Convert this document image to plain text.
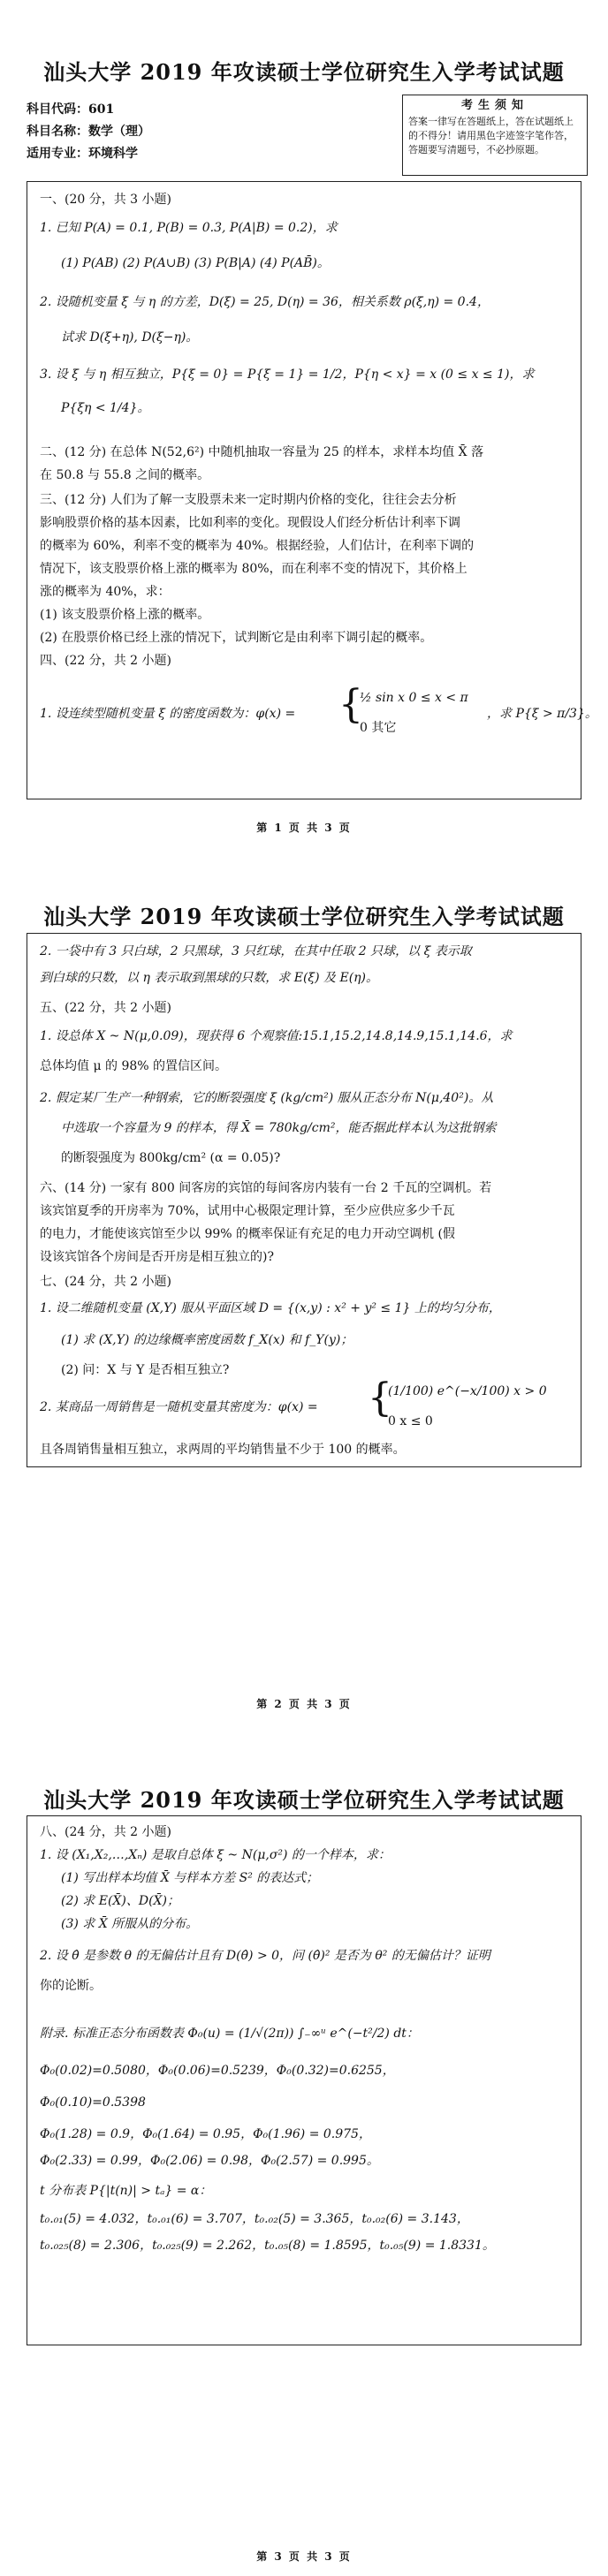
汕头大学 2019 年攻读硕士学位研究生入学考试试题
科目代码：601
科目名称：数学（理）
适用专业：环境科学
考生须知
答案一律写在答题纸上，答在试题纸上的不得分！请用黑色字迹签字笔作答，答题要写清题号，不必抄原题。
一、(20 分，共 3 小题)
1. 已知 P(A) = 0.1, P(B) = 0.3, P(A|B) = 0.2)，求
(1) P(AB) (2) P(A∪B) (3) P(B|A) (4) P(AB̄)。
2. 设随机变量 ξ 与 η 的方差，D(ξ) = 25, D(η) = 36，相关系数 ρ(ξ,η) = 0.4，
试求 D(ξ+η), D(ξ−η)。
3. 设 ξ 与 η 相互独立，P{ξ = 0} = P{ξ = 1} = 1/2，P{η < x} = x (0 ≤ x ≤ 1)，求
P{ξη < 1/4}。
二、(12 分) 在总体 N(52,6²) 中随机抽取一容量为 25 的样本，求样本均值 X̄ 落
在 50.8 与 55.8 之间的概率。
三、(12 分) 人们为了解一支股票未来一定时期内价格的变化，往往会去分析
影响股票价格的基本因素，比如利率的变化。现假设人们经分析估计利率下调
的概率为 60%，利率不变的概率为 40%。根据经验，人们估计，在利率下调的
情况下，该支股票价格上涨的概率为 80%，而在利率不变的情况下，其价格上
涨的概率为 40%，求：
(1) 该支股票价格上涨的概率。
(2) 在股票价格已经上涨的情况下，试判断它是由利率下调引起的概率。
四、(22 分，共 2 小题)
1. 设连续型随机变量 ξ 的密度函数为：φ(x) =	{
½ sin x 0 ≤ x < π
0 其它
，求 P{ξ > π/3}。
第 1 页 共 3 页
汕头大学 2019 年攻读硕士学位研究生入学考试试题
2. 一袋中有 3 只白球，2 只黑球，3 只红球，在其中任取 2 只球，以 ξ 表示取
到白球的只数，以 η 表示取到黑球的只数，求 E(ξ) 及 E(η)。
五、(22 分，共 2 小题)
1. 设总体 X ~ N(μ,0.09)，现获得 6 个观察值:15.1,15.2,14.8,14.9,15.1,14.6，求
总体均值 μ 的 98% 的置信区间。
2. 假定某厂生产一种钢索，它的断裂强度 ξ (kg/cm²) 服从正态分布 N(μ,40²)。从
中选取一个容量为 9 的样本，得 X̄ = 780kg/cm²，能否据此样本认为这批钢索
的断裂强度为 800kg/cm² (α = 0.05)?
六、(14 分) 一家有 800 间客房的宾馆的每间客房内装有一台 2 千瓦的空调机。若
该宾馆夏季的开房率为 70%，试用中心极限定理计算，至少应供应多少千瓦
的电力，才能使该宾馆至少以 99% 的概率保证有充足的电力开动空调机 (假
设该宾馆各个房间是否开房是相互独立的)?
七、(24 分，共 2 小题)
1. 设二维随机变量 (X,Y) 服从平面区域 D = {(x,y) : x² + y² ≤ 1} 上的均匀分布，
(1) 求 (X,Y) 的边缘概率密度函数 f_X(x) 和 f_Y(y)；
(2) 问：X 与 Y 是否相互独立?
2. 某商品一周销售是一随机变量其密度为：φ(x) =	{
(1/100) e^(−x/100) x > 0
0 x ≤ 0
且各周销售量相互独立，求两周的平均销售量不少于 100 的概率。
第 2 页 共 3 页
汕头大学 2019 年攻读硕士学位研究生入学考试试题
八、(24 分，共 2 小题)
1. 设 (X₁,X₂,…,Xₙ) 是取自总体 ξ ~ N(μ,σ²) 的一个样本，求：
(1) 写出样本均值 X̄ 与样本方差 S² 的表达式；
(2) 求 E(X̄)、D(X̄)；
(3) 求 X̄ 所服从的分布。
2. 设 θ̂ 是参数 θ 的无偏估计且有 D(θ̂) > 0，问 (θ̂)² 是否为 θ² 的无偏估计？证明
你的论断。
附录. 标准正态分布函数表 Φ₀(u) = (1/√(2π)) ∫₋∞ᵘ e^(−t²/2) dt：
Φ₀(0.02)=0.5080，Φ₀(0.06)=0.5239，Φ₀(0.32)=0.6255，
Φ₀(0.10)=0.5398
Φ₀(1.28) = 0.9，Φ₀(1.64) = 0.95，Φ₀(1.96) = 0.975，
Φ₀(2.33) = 0.99，Φ₀(2.06) = 0.98，Φ₀(2.57) = 0.995。
t 分布表 P{|t(n)| > tₐ} = α：
t₀.₀₁(5) = 4.032，t₀.₀₁(6) = 3.707，t₀.₀₂(5) = 3.365，t₀.₀₂(6) = 3.143，
t₀.₀₂₅(8) = 2.306，t₀.₀₂₅(9) = 2.262，t₀.₀₅(8) = 1.8595，t₀.₀₅(9) = 1.8331。
第 3 页 共 3 页
